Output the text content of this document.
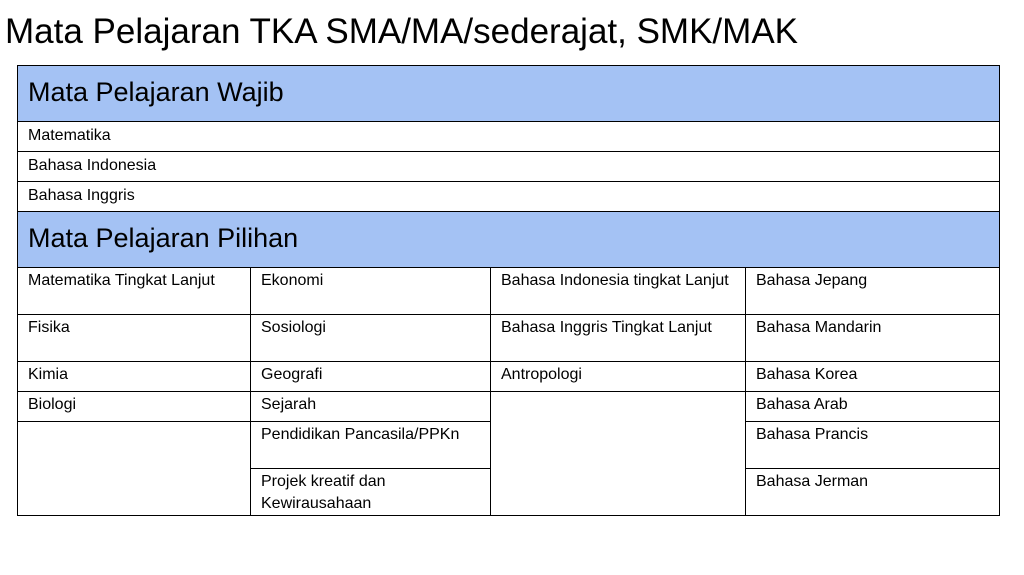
Mata Pelajaran TKA SMA/MA/sederajat, SMK/MAK
Mata Pelajaran Wajib			
Matematika			
Bahasa Indonesia			
Bahasa Inggris			
Mata Pelajaran Pilihan			
Matematika Tingkat Lanjut	Ekonomi	Bahasa Indonesia tingkat Lanjut	Bahasa Jepang
Fisika	Sosiologi	Bahasa Inggris Tingkat Lanjut	Bahasa Mandarin
Kimia	Geografi	Antropologi	Bahasa Korea
Biologi	Sejarah		Bahasa Arab
	Pendidikan Pancasila/PPKn		Bahasa Prancis
	Projek kreatif dan Kewirausahaan		Bahasa Jerman
